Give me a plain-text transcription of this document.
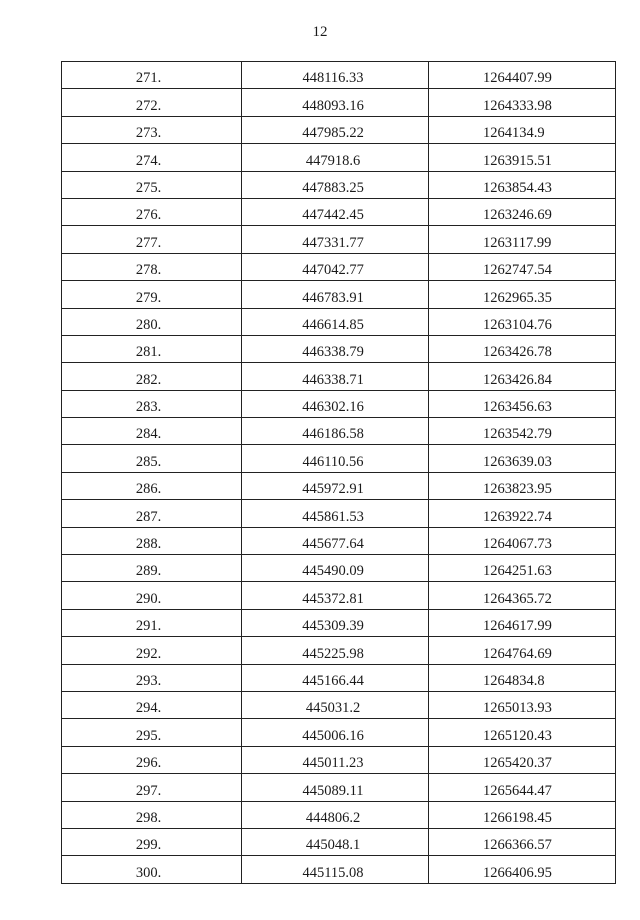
12
271.	448116.33	1264407.99
272.	448093.16	1264333.98
273.	447985.22	1264134.9
274.	447918.6	1263915.51
275.	447883.25	1263854.43
276.	447442.45	1263246.69
277.	447331.77	1263117.99
278.	447042.77	1262747.54
279.	446783.91	1262965.35
280.	446614.85	1263104.76
281.	446338.79	1263426.78
282.	446338.71	1263426.84
283.	446302.16	1263456.63
284.	446186.58	1263542.79
285.	446110.56	1263639.03
286.	445972.91	1263823.95
287.	445861.53	1263922.74
288.	445677.64	1264067.73
289.	445490.09	1264251.63
290.	445372.81	1264365.72
291.	445309.39	1264617.99
292.	445225.98	1264764.69
293.	445166.44	1264834.8
294.	445031.2	1265013.93
295.	445006.16	1265120.43
296.	445011.23	1265420.37
297.	445089.11	1265644.47
298.	444806.2	1266198.45
299.	445048.1	1266366.57
300.	445115.08	1266406.95
